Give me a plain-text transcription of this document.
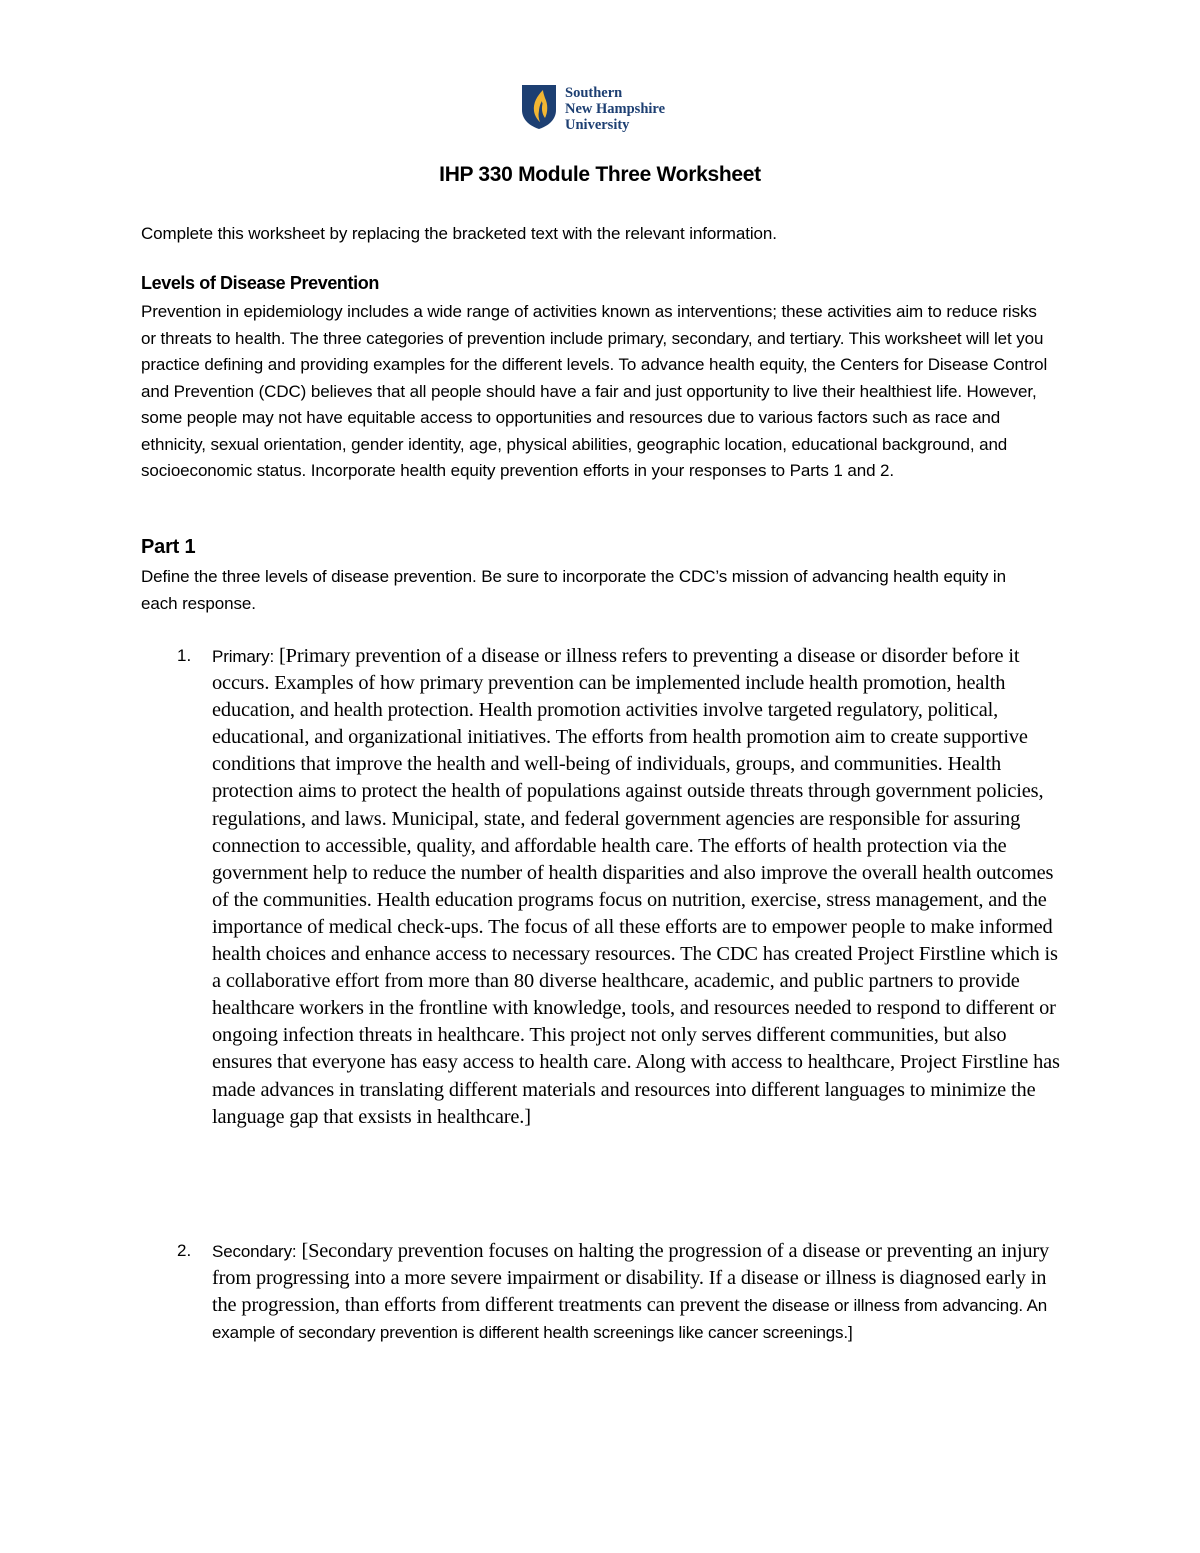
Southern
New Hampshire
University
IHP 330 Module Three Worksheet

Complete this worksheet by replacing the bracketed text with the relevant information.

Levels of Disease Prevention

Prevention in epidemiology includes a wide range of activities known as interventions; these activities aim to reduce risks or threats to health. The three categories of prevention include primary, secondary, and tertiary. This worksheet will let you practice defining and providing examples for the different levels. To advance health equity, the Centers for Disease Control and Prevention (CDC) believes that all people should have a fair and just opportunity to live their healthiest life. However, some people may not have equitable access to opportunities and resources due to various factors such as race and ethnicity, sexual orientation, gender identity, age, physical abilities, geographic location, educational background, and socioeconomic status. Incorporate health equity prevention efforts in your responses to Parts 1 and 2.

Part 1

Define the three levels of disease prevention. Be sure to incorporate the CDC’s mission of advancing health equity in each response.

1. Primary: [Primary prevention of a disease or illness refers to preventing a disease or disorder before it occurs. Examples of how primary prevention can be implemented include health promotion, health education, and health protection. Health promotion activities involve targeted regulatory, political, educational, and organizational initiatives. The efforts from health promotion aim to create supportive conditions that improve the health and well-being of individuals, groups, and communities. Health protection aims to protect the health of populations against outside threats through government policies, regulations, and laws. Municipal, state, and federal government agencies are responsible for assuring connection to accessible, quality, and affordable health care. The efforts of health protection via the government help to reduce the number of health disparities and also improve the overall health outcomes of the communities. Health education programs focus on nutrition, exercise, stress management, and the importance of medical check-ups. The focus of all these efforts are to empower people to make informed health choices and enhance access to necessary resources. The CDC has created Project Firstline which is a collaborative effort from more than 80 diverse healthcare, academic, and public partners to provide healthcare workers in the frontline with knowledge, tools, and resources needed to respond to different or ongoing infection threats in healthcare. This project not only serves different communities, but also ensures that everyone has easy access to health care. Along with access to healthcare, Project Firstline has made advances in translating different materials and resources into different languages to minimize the language gap that exsists in healthcare.]

2. Secondary: [Secondary prevention focuses on halting the progression of a disease or preventing an injury from progressing into a more severe impairment or disability. If a disease or illness is diagnosed early in the progression, than efforts from different treatments can prevent the disease or illness from advancing. An example of secondary prevention is different health screenings like cancer screenings.]
